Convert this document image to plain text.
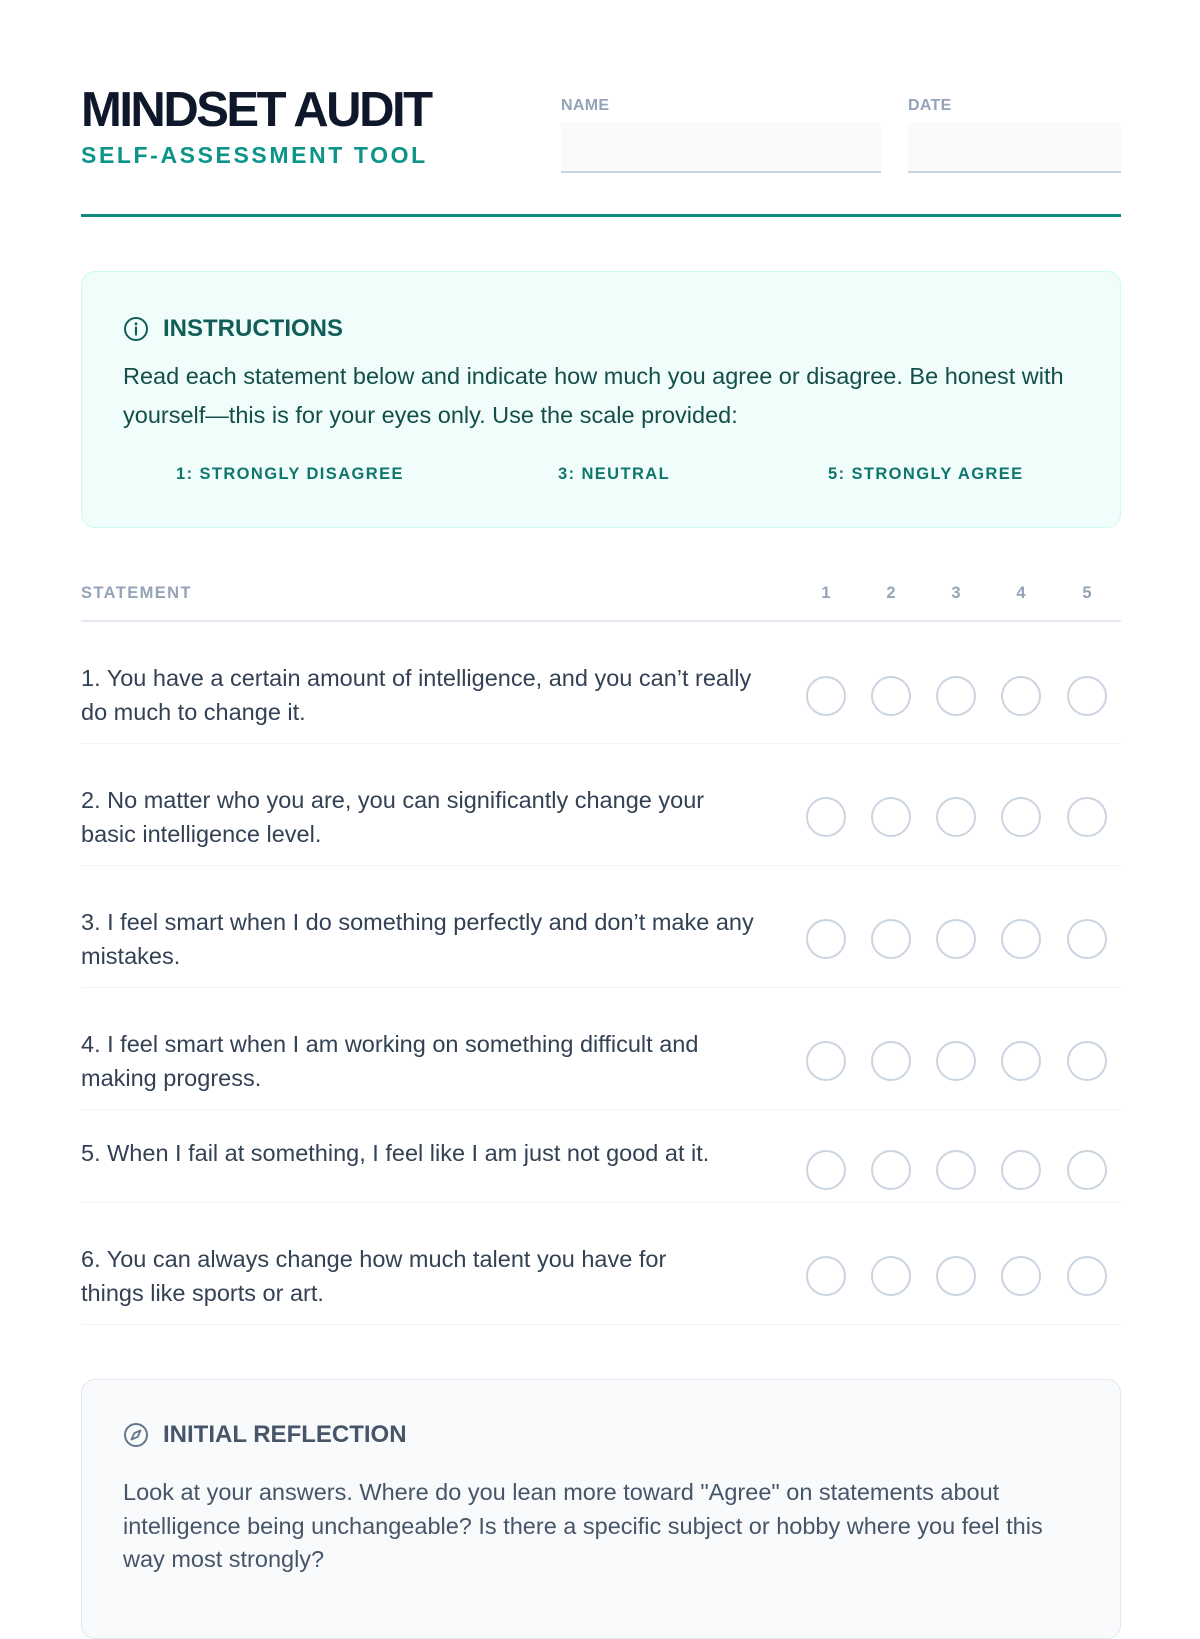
MINDSET AUDIT
SELF-ASSESSMENT TOOL
NAME	DATE
INSTRUCTIONS
Read each statement below and indicate how much you agree or disagree. Be honest with yourself—this is for your eyes only. Use the scale provided:
1: STRONGLY DISAGREE	3: NEUTRAL	5: STRONGLY AGREE
STATEMENT	1	2	3	4	5

1. You have a certain amount of intelligence, and you can’t really do much to change it.

2. No matter who you are, you can significantly change your basic intelligence level.

3. I feel smart when I do something perfectly and don’t make any mistakes.

4. I feel smart when I am working on something difficult and making progress.

5. When I fail at something, I feel like I am just not good at it.

6. You can always change how much talent you have for things like sports or art.

INITIAL REFLECTION
Look at your answers. Where do you lean more toward "Agree" on statements about intelligence being unchangeable? Is there a specific subject or hobby where you feel this way most strongly?
